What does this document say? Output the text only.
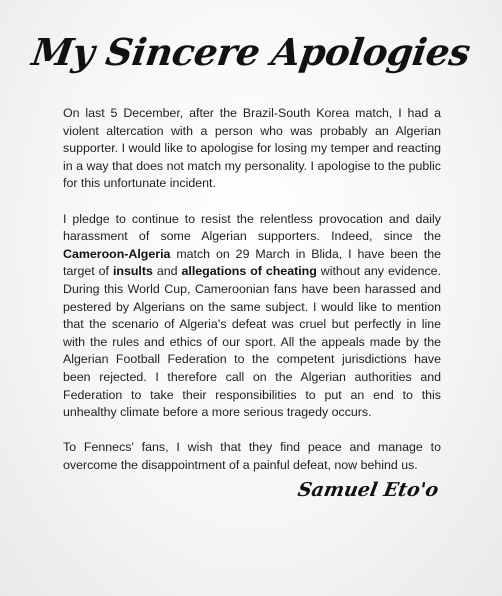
My Sincere Apologies

On last 5 December, after the Brazil-South Korea match, I had a violent altercation with a person who was probably an Algerian supporter. I would like to apologise for losing my temper and reacting in a way that does not match my personality. I apologise to the public for this unfortunate incident.

I pledge to continue to resist the relentless provocation and daily harassment of some Algerian supporters. Indeed, since the Cameroon-Algeria match on 29 March in Blida, I have been the target of insults and allegations of cheating without any evidence. During this World Cup, Cameroonian fans have been harassed and pestered by Algerians on the same subject. I would like to mention that the scenario of Algeria's defeat was cruel but perfectly in line with the rules and ethics of our sport. All the appeals made by the Algerian Football Federation to the competent jurisdictions have been rejected. I therefore call on the Algerian authorities and Federation to take their responsibilities to put an end to this unhealthy climate before a more serious tragedy occurs.

To Fennecs' fans, I wish that they find peace and manage to overcome the disappointment of a painful defeat, now behind us.

Samuel Eto'o
